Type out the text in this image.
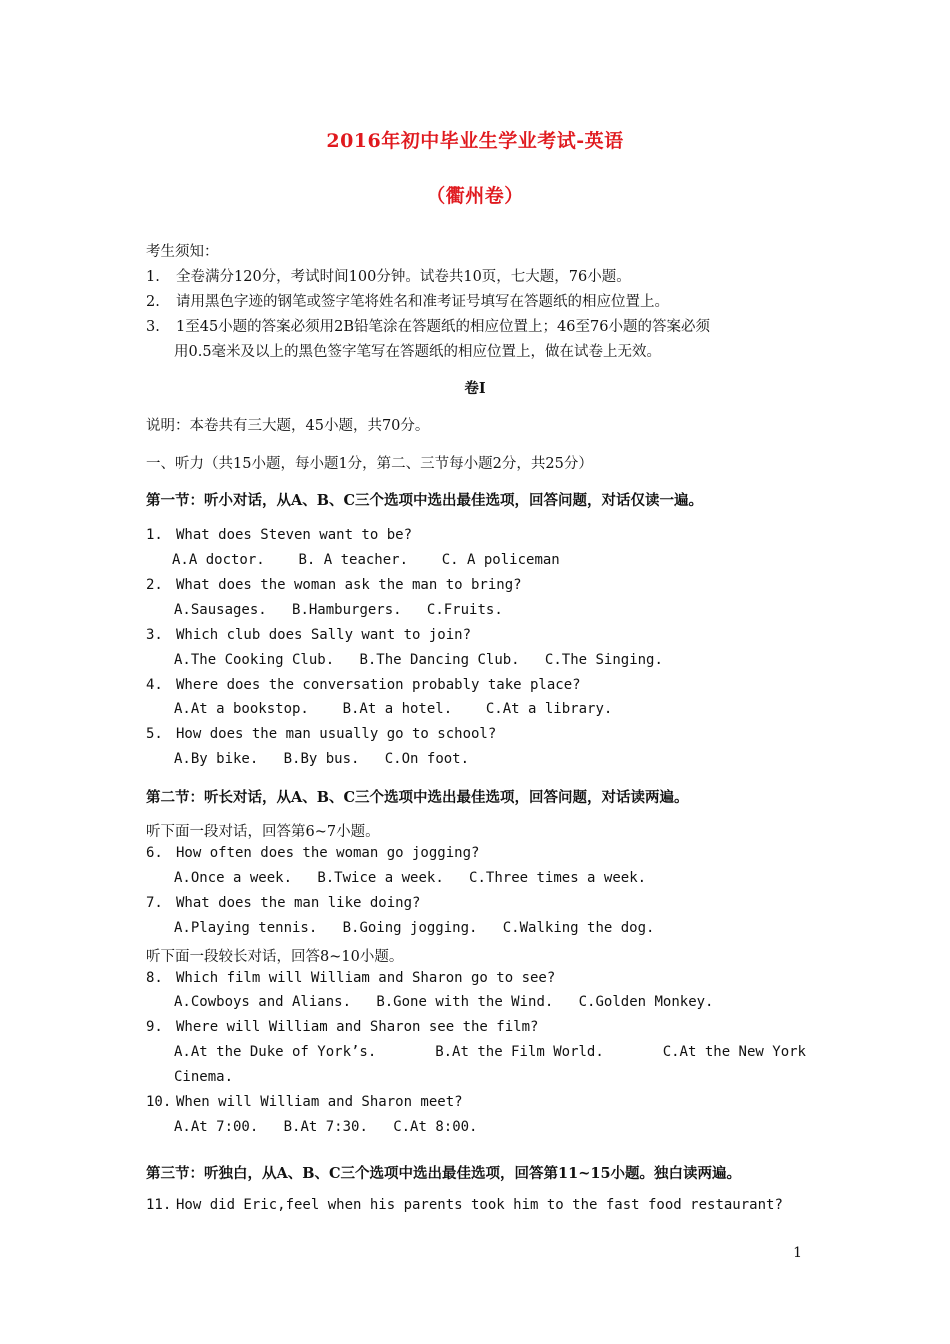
2016年初中毕业生学业考试-英语
（衢州卷）
考生须知：
1. 全卷满分120分，考试时间100分钟。试卷共10页，七大题，76小题。
2. 请用黑色字迹的钢笔或签字笔将姓名和准考证号填写在答题纸的相应位置上。
3. 1至45小题的答案必须用2B铅笔涂在答题纸的相应位置上；46至76小题的答案必须
用0.5毫米及以上的黑色签字笔写在答题纸的相应位置上，做在试卷上无效。
卷Ⅰ
说明：本卷共有三大题，45小题，共70分。
一、听力（共15小题，每小题1分，第二、三节每小题2分，共25分）
第一节：听小对话，从A、B、C三个选项中选出最佳选项，回答问题，对话仅读一遍。
1. What does Steven want to be?
A.A doctor. B. A teacher. C. A policeman
2. What does the woman ask the man to bring?
A.Sausages. B.Hamburgers. C.Fruits.
3. Which club does Sally want to join?
A.The Cooking Club. B.The Dancing Club. C.The Singing.
4. Where does the conversation probably take place?
A.At a bookstop. B.At a hotel. C.At a library.
5. How does the man usually go to school?
A.By bike. B.By bus. C.On foot.
第二节：听长对话，从A、B、C三个选项中选出最佳选项，回答问题，对话读两遍。
听下面一段对话，回答第6~7小题。
6. How often does the woman go jogging?
A.Once a week. B.Twice a week. C.Three times a week.
7. What does the man like doing?
A.Playing tennis. B.Going jogging. C.Walking the dog.
听下面一段较长对话，回答8~10小题。
8. Which film will William and Sharon go to see?
A.Cowboys and Alians. B.Gone with the Wind. C.Golden Monkey.
9. Where will William and Sharon see the film?
A.At the Duke of York’s.	B.At the Film World.	C.At the New York
Cinema.
10. When will William and Sharon meet?
A.At 7:00. B.At 7:30. C.At 8:00.
第三节：听独白，从A、B、C三个选项中选出最佳选项，回答第11~15小题。独白读两遍。
11. How did Eric,feel when his parents took him to the fast food restaurant?
1
